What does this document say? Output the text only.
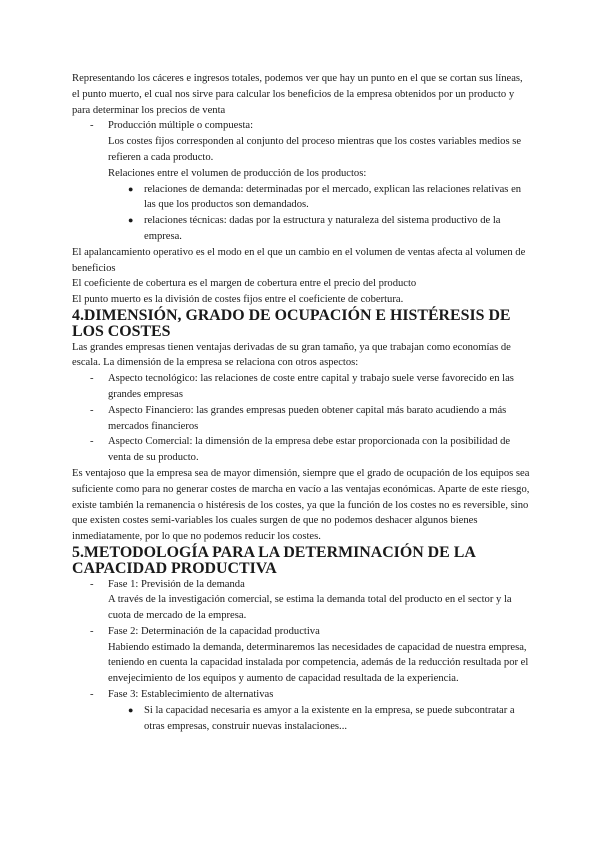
Representando los cáceres e ingresos totales, podemos ver que hay un punto en el que se cortan sus líneas, el punto muerto, el cual nos sirve para calcular los beneficios de la empresa obtenidos por un producto y para determinar los precios de venta

- Producción múltiple o compuesta:

Los costes fijos corresponden al conjunto del proceso mientras que los costes variables medios se refieren a cada producto.

Relaciones entre el volumen de producción de los productos:

● relaciones de demanda: determinadas por el mercado, explican las relaciones relativas en las que los productos son demandados.

● relaciones técnicas: dadas por la estructura y naturaleza del sistema productivo de la empresa.

El apalancamiento operativo es el modo en el que un cambio en el volumen de ventas afecta al volumen de beneficios

El coeficiente de cobertura es el margen de cobertura entre el precio del producto

El punto muerto es la división de costes fijos entre el coeficiente de cobertura.

4.DIMENSIÓN, GRADO DE OCUPACIÓN E HISTÉRESIS DE LOS COSTES

Las grandes empresas tienen ventajas derivadas de su gran tamaño, ya que trabajan como economías de escala. La dimensión de la empresa se relaciona con otros aspectos:

- Aspecto tecnológico: las relaciones de coste entre capital y trabajo suele verse favorecido en las grandes empresas

- Aspecto Financiero: las grandes empresas pueden obtener capital más barato acudiendo a más mercados financieros

- Aspecto Comercial: la dimensión de la empresa debe estar proporcionada con la posibilidad de venta de su producto.

Es ventajoso que la empresa sea de mayor dimensión, siempre que el grado de ocupación de los equipos sea suficiente como para no generar costes de marcha en vacío a las ventajas económicas. Aparte de este riesgo, existe también la remanencia o histéresis de los costes, ya que la función de los costes no es reversible, sino que existen costes semi-variables los cuales surgen de que no podemos deshacer algunos bienes inmediatamente, por lo que no podemos reducir los costes.

5.METODOLOGÍA PARA LA DETERMINACIÓN DE LA CAPACIDAD PRODUCTIVA
- Fase 1: Previsión de la demanda

A través de la investigación comercial, se estima la demanda total del producto en el sector y la cuota de mercado de la empresa.

- Fase 2: Determinación de la capacidad productiva

Habiendo estimado la demanda, determinaremos las necesidades de capacidad de nuestra empresa, teniendo en cuenta la capacidad instalada por competencia, además de la reducción resultada por el envejecimiento de los equipos y aumento de capacidad resultada de la experiencia.

- Fase 3: Establecimiento de alternativas

● Si la capacidad necesaria es amyor a la existente en la empresa, se puede subcontratar a otras empresas, construir nuevas instalaciones...
